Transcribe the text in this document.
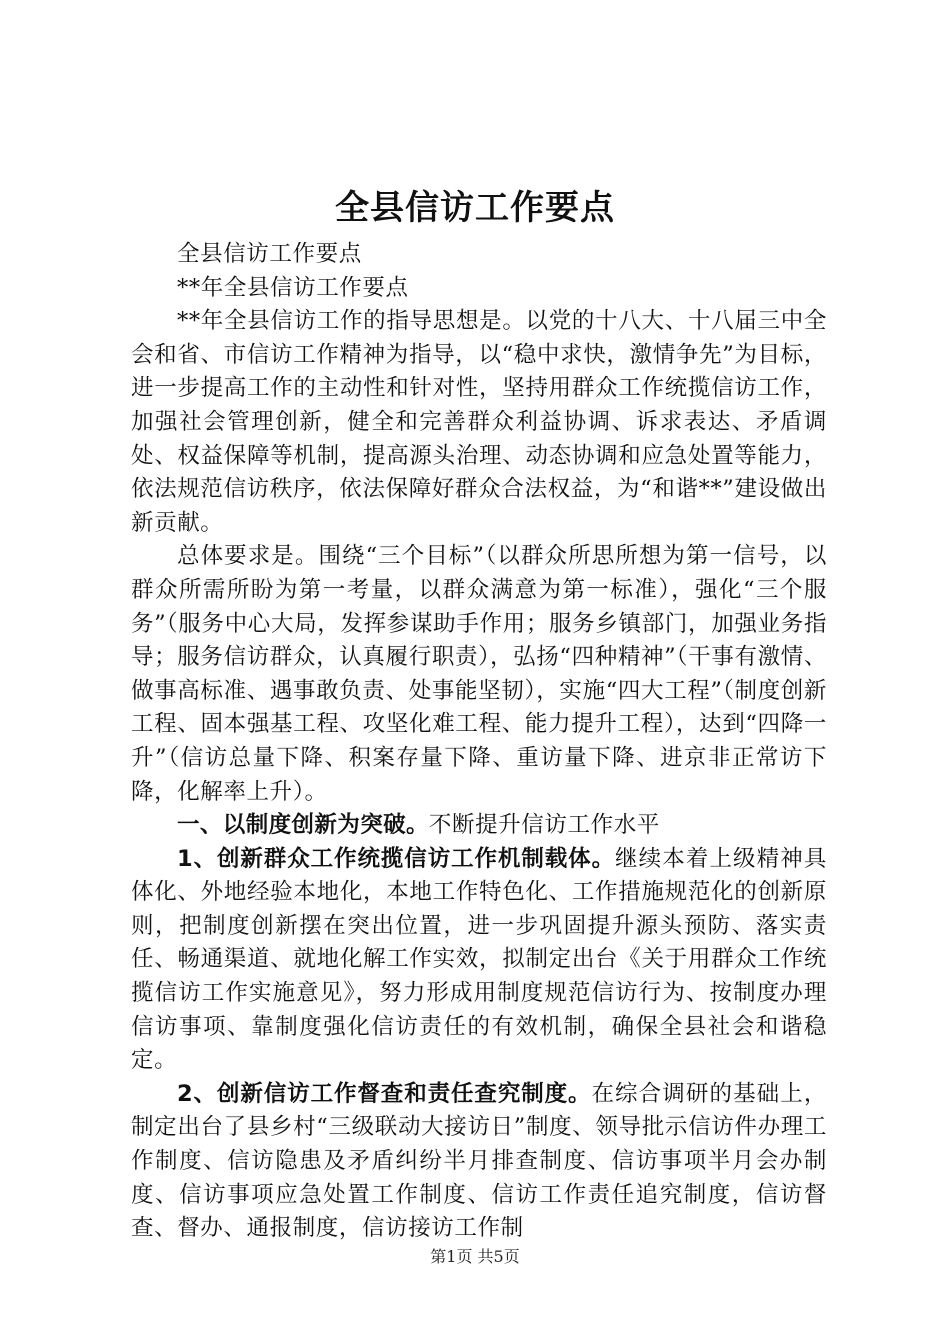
全县信访工作要点

全县信访工作要点

**年全县信访工作要点

**年全县信访工作的指导思想是。以党的十八大、十八届三中全会和省、市信访工作精神为指导，以“稳中求快，激情争先”为目标，进一步提高工作的主动性和针对性，坚持用群众工作统揽信访工作，加强社会管理创新，健全和完善群众利益协调、诉求表达、矛盾调处、权益保障等机制，提高源头治理、动态协调和应急处置等能力，依法规范信访秩序，依法保障好群众合法权益，为“和谐**”建设做出新贡献。

总体要求是。围绕“三个目标”（以群众所思所想为第一信号，以群众所需所盼为第一考量，以群众满意为第一标准），强化“三个服务”（服务中心大局，发挥参谋助手作用；服务乡镇部门，加强业务指导；服务信访群众，认真履行职责），弘扬“四种精神”（干事有激情、做事高标准、遇事敢负责、处事能坚韧），实施“四大工程”（制度创新工程、固本强基工程、攻坚化难工程、能力提升工程），达到“四降一升”（信访总量下降、积案存量下降、重访量下降、进京非正常访下降，化解率上升）。

一、以制度创新为突破。不断提升信访工作水平

1、创新群众工作统揽信访工作机制载体。继续本着上级精神具体化、外地经验本地化，本地工作特色化、工作措施规范化的创新原则，把制度创新摆在突出位置，进一步巩固提升源头预防、落实责任、畅通渠道、就地化解工作实效，拟制定出台《关于用群众工作统揽信访工作实施意见》，努力形成用制度规范信访行为、按制度办理信访事项、靠制度强化信访责任的有效机制，确保全县社会和谐稳定。

2、创新信访工作督查和责任查究制度。在综合调研的基础上，制定出台了县乡村“三级联动大接访日”制度、领导批示信访件办理工作制度、信访隐患及矛盾纠纷半月排查制度、信访事项半月会办制度、信访事项应急处置工作制度、信访工作责任追究制度，信访督查、督办、通报制度，信访接访工作制

第1页 共5页
